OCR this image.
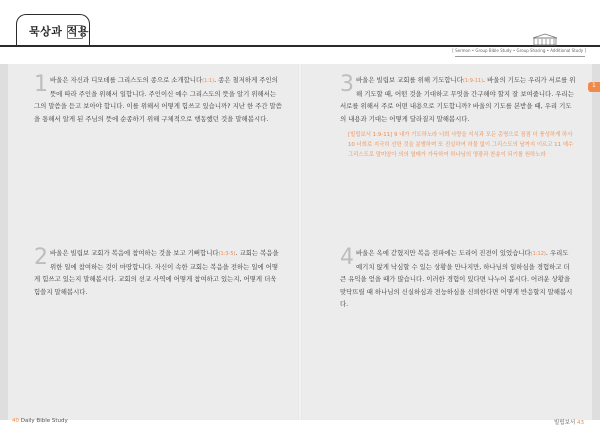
묵상과 적용
[ Sermon • Group Bible Study • Group Sharing • Additional Study ]
1
1 바울은 자신과 디모데를 그리스도의 종으로 소개합니다(1:1). 종은 철저하게 주인의 뜻에 따라 주인을 위해서 일합니다. 주인이신 예수 그리스도의 뜻을 알기 위해서는 그의 말씀을 듣고 보아야 합니다. 이를 위해서 어떻게 힘쓰고 있습니까? 지난 한 주간 말씀을 통해서 알게 된 주님의 뜻에 순종하기 위해 구체적으로 행동했던 것을 말해봅시다.
2 바울은 빌립보 교회가 복음에 참여하는 것을 보고 기뻐합니다(1:3-5). 교회는 복음을 위한 일에 참여하는 것이 마땅합니다. 자신이 속한 교회는 복음을 전하는 일에 어떻게 힘쓰고 있는지 말해봅시다. 교회의 선교 사역에 어떻게 참여하고 있는지, 어떻게 더욱 힘쓸지 말해봅시다.
3 바울은 빌립보 교회를 위해 기도합니다(1:9-11). 바울의 기도는 우리가 서로를 위해 기도할 때, 어떤 것을 기대하고 무엇을 간구해야 할지 잘 보여줍니다. 우리는 서로를 위해서 주로 어떤 내용으로 기도합니까? 바울의 기도를 본받을 때, 우리 기도의 내용과 기대는 어떻게 달라질지 말해봅시다.
[빌립보서 1:9-11] 9 내가 기도하노라 너희 사랑을 지식과 모든 총명으로 점점 더 풍성하게 하사 10 너희로 지극히 선한 것을 분별하며 또 진실하여 허물 없이 그리스도의 날까지 이르고 11 예수 그리스도로 말미암아 의의 열매가 가득하여 하나님의 영광과 찬송이 되기를 원하노라
4 바울은 옥에 갇혔지만 복음 전파에는 도리어 진전이 있었습니다(1:12). 우리도 예기치 않게 낙심할 수 있는 상황을 만나지만, 하나님의 일하심을 경험하고 더 큰 유익을 얻을 때가 많습니다. 이러한 경험이 있다면 나누어 봅시다. 어려운 상황을 맞닥뜨릴 때 하나님의 신실하심과 전능하심을 신뢰한다면 어떻게 반응할지 말해봅시다.
40 Daily Bible Study	빌립보서 43
